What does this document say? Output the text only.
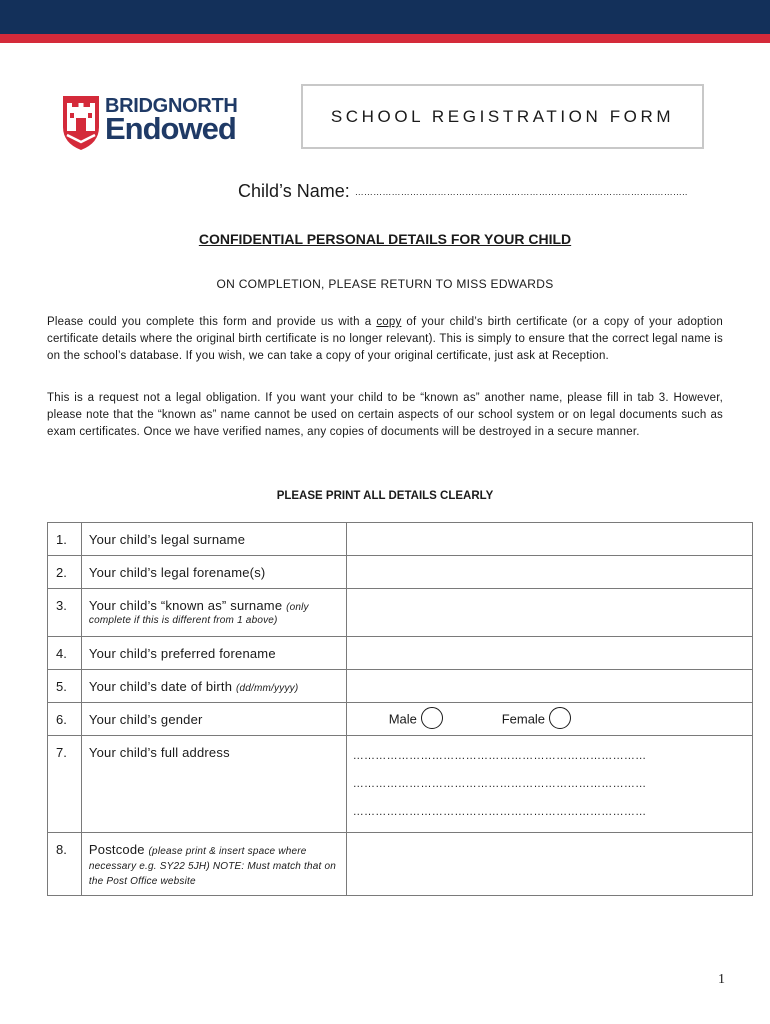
BRIDGNORTH
Endowed	SCHOOL REGISTRATION FORM
Child’s Name: ……………………………………………………………………………………..………..
CONFIDENTIAL PERSONAL DETAILS FOR YOUR CHILD
ON COMPLETION, PLEASE RETURN TO MISS EDWARDS
Please could you complete this form and provide us with a copy of your child’s birth certificate (or a copy of your adoption certificate details where the original birth certificate is no longer relevant). This is simply to ensure that the correct legal name is on the school’s database. If you wish, we can take a copy of your original certificate, just ask at Reception.
This is a request not a legal obligation. If you want your child to be “known as” another name, please fill in tab 3. However, please note that the “known as” name cannot be used on certain aspects of our school system or on legal documents such as exam certificates. Once we have verified names, any copies of documents will be destroyed in a secure manner.
PLEASE PRINT ALL DETAILS CLEARLY
1.	Your child’s legal surname	
2.	Your child’s legal forename(s)	
3.	Your child’s “known as” surname (only
complete if this is different from 1 above)	

4.	Your child’s preferred forename	
5.	Your child’s date of birth (dd/mm/yyyy)	
6.	Your child’s gender	Male Female

7.	Your child’s full address	……………………………………………………………………
……………………………………………………………………
……………………………………………………………………

8.	Postcode (please print & insert space where
necessary e.g. SY22 5JH) NOTE: Must match that on the Post Office website	

1
